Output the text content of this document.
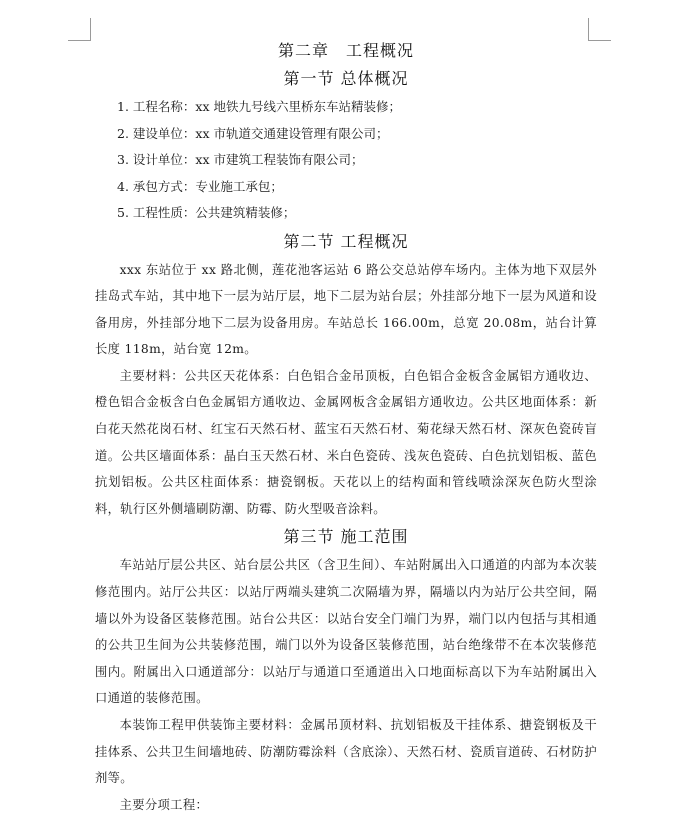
第二章　工程概况
第一节 总体概况
1. 工程名称：xx 地铁九号线六里桥东车站精装修；
2. 建设单位：xx 市轨道交通建设管理有限公司；
3. 设计单位：xx 市建筑工程装饰有限公司；
4. 承包方式：专业施工承包；
5. 工程性质：公共建筑精装修；
第二节 工程概况

xxx 东站位于 xx 路北侧，莲花池客运站 6 路公交总站停车场内。主体为地下双层外挂岛式车站，其中地下一层为站厅层，地下二层为站台层；外挂部分地下一层为风道和设备用房，外挂部分地下二层为设备用房。车站总长 166.00m，总宽 20.08m，站台计算长度 118m，站台宽 12m。

主要材料：公共区天花体系：白色铝合金吊顶板，白色铝合金板含金属铝方通收边、橙色铝合金板含白色金属铝方通收边、金属网板含金属铝方通收边。公共区地面体系：新白花天然花岗石材、红宝石天然石材、蓝宝石天然石材、菊花绿天然石材、深灰色瓷砖盲道。公共区墙面体系：晶白玉天然石材、米白色瓷砖、浅灰色瓷砖、白色抗划铝板、蓝色抗划铝板。公共区柱面体系：搪瓷钢板。天花以上的结构面和管线喷涂深灰色防火型涂料，轨行区外侧墙刷防潮、防霉、防火型吸音涂料。

第三节 施工范围

车站站厅层公共区、站台层公共区（含卫生间）、车站附属出入口通道的内部为本次装修范围内。站厅公共区：以站厅两端头建筑二次隔墙为界，隔墙以内为站厅公共空间，隔墙以外为设备区装修范围。站台公共区：以站台安全门端门为界，端门以内包括与其相通的公共卫生间为公共装修范围，端门以外为设备区装修范围，站台绝缘带不在本次装修范围内。附属出入口通道部分：以站厅与通道口至通道出入口地面标高以下为车站附属出入口通道的装修范围。

本装饰工程甲供装饰主要材料：金属吊顶材料、抗划铝板及干挂体系、搪瓷钢板及干挂体系、公共卫生间墙地砖、防潮防霉涂料（含底涂）、天然石材、瓷质盲道砖、石材防护剂等。

主要分项工程：
